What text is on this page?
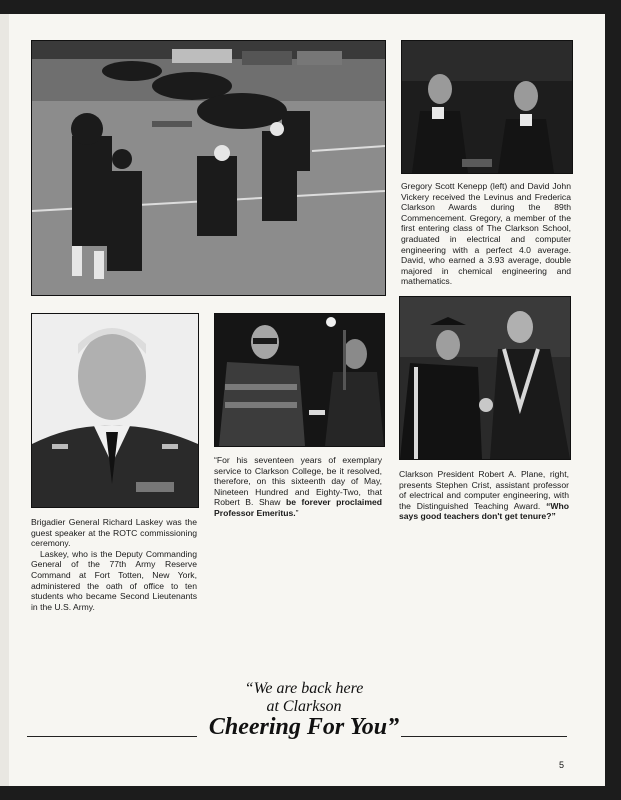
Gregory Scott Kenepp (left) and David John Vickery received the Levinus and Frederica Clarkson Awards during the 89th Commencement. Gregory, a member of the first entering class of The Clarkson School, graduated in electrical and computer engineering with a perfect 4.0 average. David, who earned a 3.93 average, double majored in chemical engineering and mathematics.

Brigadier General Richard Laskey was the guest speaker at the ROTC commissioning ceremony.
Laskey, who is the Deputy Commanding General of the 77th Army Reserve Command at Fort Totten, New York, administered the oath of office to ten students who became Second Lieutenants in the U.S. Army.

“For his seventeen years of exemplary service to Clarkson College, be it resolved, therefore, on this sixteenth day of May, Nineteen Hundred and Eighty-Two, that Robert B. Shaw be forever proclaimed Professor Emeritus.”

Clarkson President Robert A. Plane, right, presents Stephen Crist, assistant professor of electrical and computer engineering, with the Distinguished Teaching Award. “Who says good teachers don't get tenure?”

“We are back here

at Clarkson

Cheering For You”

5
